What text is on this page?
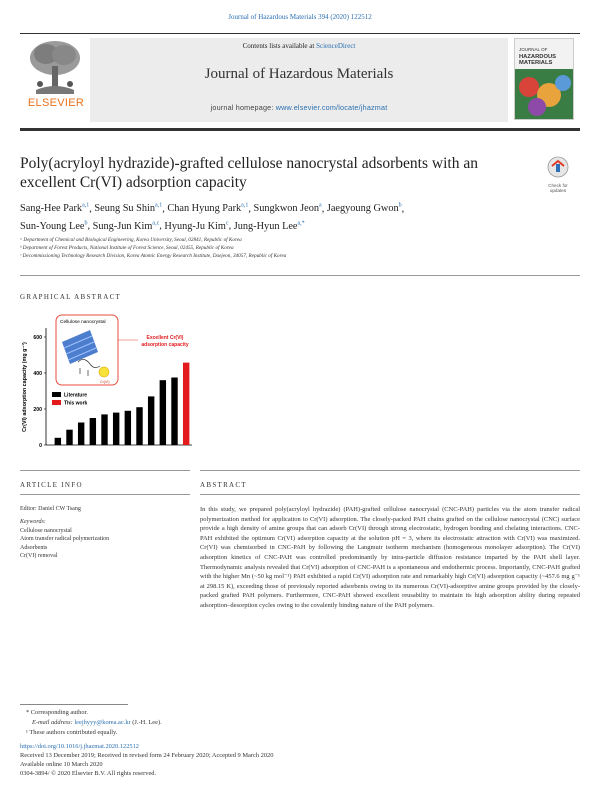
Journal of Hazardous Materials 394 (2020) 122512
ELSEVIER
Contents lists available at ScienceDirect
Journal of Hazardous Materials
journal homepage: www.elsevier.com/locate/jhazmat
JOURNAL OF
HAZARDOUS
MATERIALS
Poly(acryloyl hydrazide)-grafted cellulose nanocrystal adsorbents with an excellent Cr(VI) adsorption capacity	Check for
updates
Sang-Hee Park$^{a,1}$, Seung Su Shin$^{a,1}$, Chan Hyung Park$^{a,1}$, Sungkwon Jeon$^a$, Jaegyoung Gwon$^b$,
Sun-Young Lee$^b$, Sung-Jun Kim$^{a,c}$, Hyung-Ju Kim$^c$, Jung-Hyun Lee$^{a,*}$
ᵃ Department of Chemical and Biological Engineering, Korea University, Seoul, 02841, Republic of Korea
ᵇ Department of Forest Products, National Institute of Forest Science, Seoul, 02455, Republic of Korea
ᶜ Decommissioning Technology Research Division, Korea Atomic Energy Research Institute, Daejeon, 34057, Republic of Korea
GRAPHICAL ABSTRACT
0
200
400
600
Cr(VI) adsorption capacity (mg g⁻¹)
Cellulose nanocrystal
Cr(VI)
Excellent Cr(VI)
adsorption capacity
Literature
This work
ARTICLE INFO
Editor: Daniel CW Tsang
Keywords:
Cellulose nanocrystal
Atom transfer radical polymerization
Adsorbents
Cr(VI) removal
ABSTRACT
In this study, we prepared poly(acryloyl hydrazide) (PAH)-grafted cellulose nanocrystal (CNC-PAH) particles via the atom transfer radical polymerization method for application to Cr(VI) adsorption. The closely-packed PAH chains grafted on the cellulose nanocrystal (CNC) surface provide a high density of amine groups that can adsorb Cr(VI) through strong electrostatic, hydrogen bonding and chelating interactions. CNC-PAH exhibited the optimum Cr(VI) adsorption capacity at the solution pH = 3, where its electrostatic attraction with Cr(VI) was maximized. Cr(VI) was chemisorbed in CNC-PAH by following the Langmuir isotherm mechanism (homogeneous monolayer adsorption). The Cr(VI) adsorption kinetics of CNC-PAH was controlled predominantly by intra-particle diffusion resistance imparted by the PAH shell layer. Thermodynamic analysis revealed that Cr(VI) adsorption of CNC-PAH is a spontaneous and endothermic process. Importantly, CNC-PAH grafted with the higher Mn (~50 kg mol⁻¹) PAH exhibited a rapid Cr(VI) adsorption rate and remarkably high Cr(VI) adsorption capacity (~457.6 mg g⁻¹ at 298.15 K), exceeding those of previously reported adsorbents owing to its numerous Cr(VI)-adsorptive amine groups provided by the closely-packed grafted PAH polymers. Furthermore, CNC-PAH showed excellent reusability to maintain its high adsorption ability during repeated adsorption–desorption cycles owing to the covalently binding nature of the PAH polymers.
* Corresponding author.
E-mail address: leejhyyy@korea.ac.kr (J.-H. Lee).
¹ These authors contributed equally.
https://doi.org/10.1016/j.jhazmat.2020.122512
Received 13 December 2019; Received in revised form 24 February 2020; Accepted 9 March 2020
Available online 10 March 2020
0304-3894/ © 2020 Elsevier B.V. All rights reserved.
